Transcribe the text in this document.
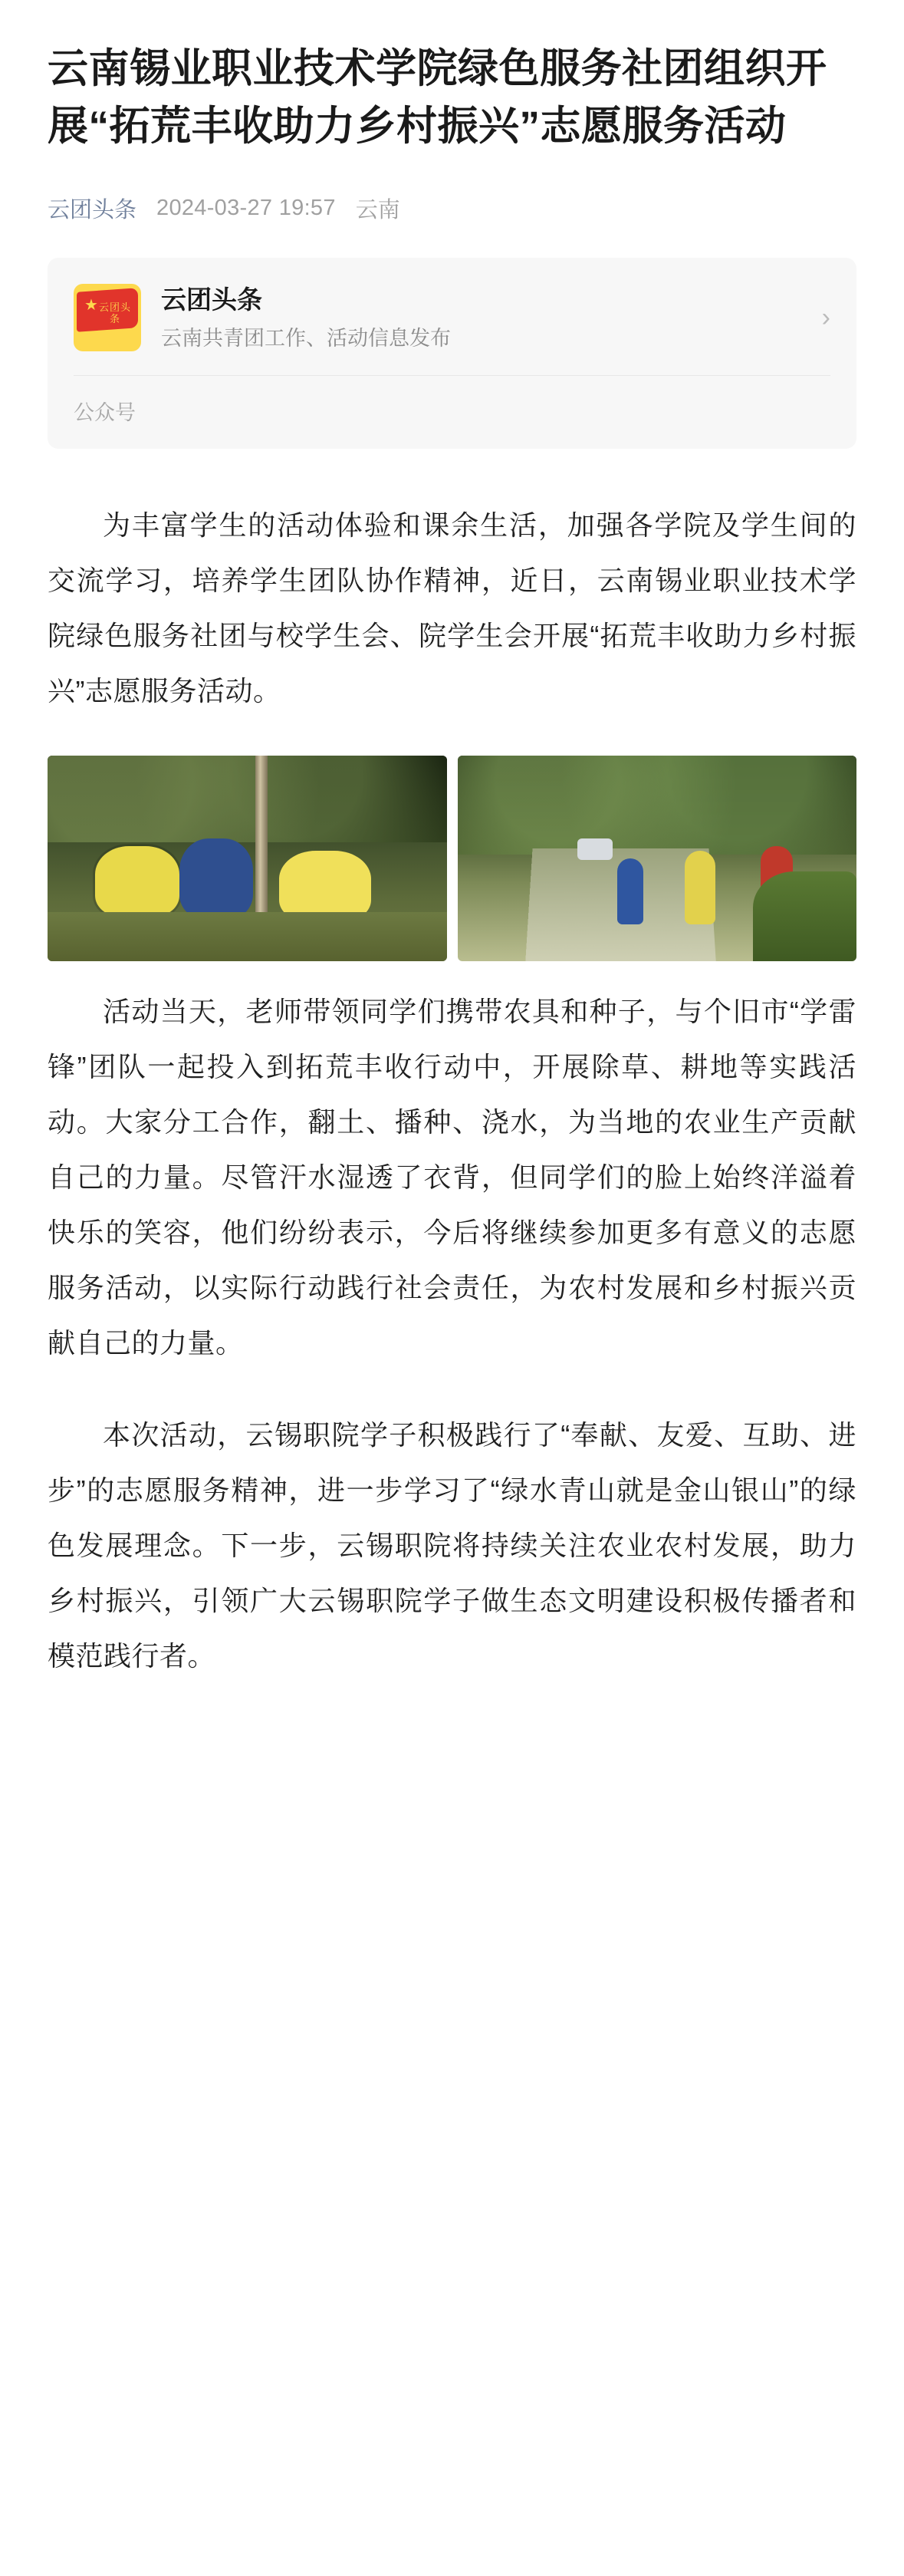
云南锡业职业技术学院绿色服务社团组织开展“拓荒丰收助力乡村振兴”志愿服务活动
云团头条 2024-03-27 19:57 云南
★ 云团头条
云团头条
云南共青团工作、活动信息发布
›
公众号

为丰富学生的活动体验和课余生活，加强各学院及学生间的交流学习，培养学生团队协作精神，近日，云南锡业职业技术学院绿色服务社团与校学生会、院学生会开展“拓荒丰收助力乡村振兴”志愿服务活动。

活动当天，老师带领同学们携带农具和种子，与个旧市“学雷锋”团队一起投入到拓荒丰收行动中，开展除草、耕地等实践活动。大家分工合作，翻土、播种、浇水，为当地的农业生产贡献自己的力量。尽管汗水湿透了衣背，但同学们的脸上始终洋溢着快乐的笑容，他们纷纷表示，今后将继续参加更多有意义的志愿服务活动，以实际行动践行社会责任，为农村发展和乡村振兴贡献自己的力量。

本次活动，云锡职院学子积极践行了“奉献、友爱、互助、进步”的志愿服务精神，进一步学习了“绿水青山就是金山银山”的绿色发展理念。下一步，云锡职院将持续关注农业农村发展，助力乡村振兴，引领广大云锡职院学子做生态文明建设积极传播者和模范践行者。
